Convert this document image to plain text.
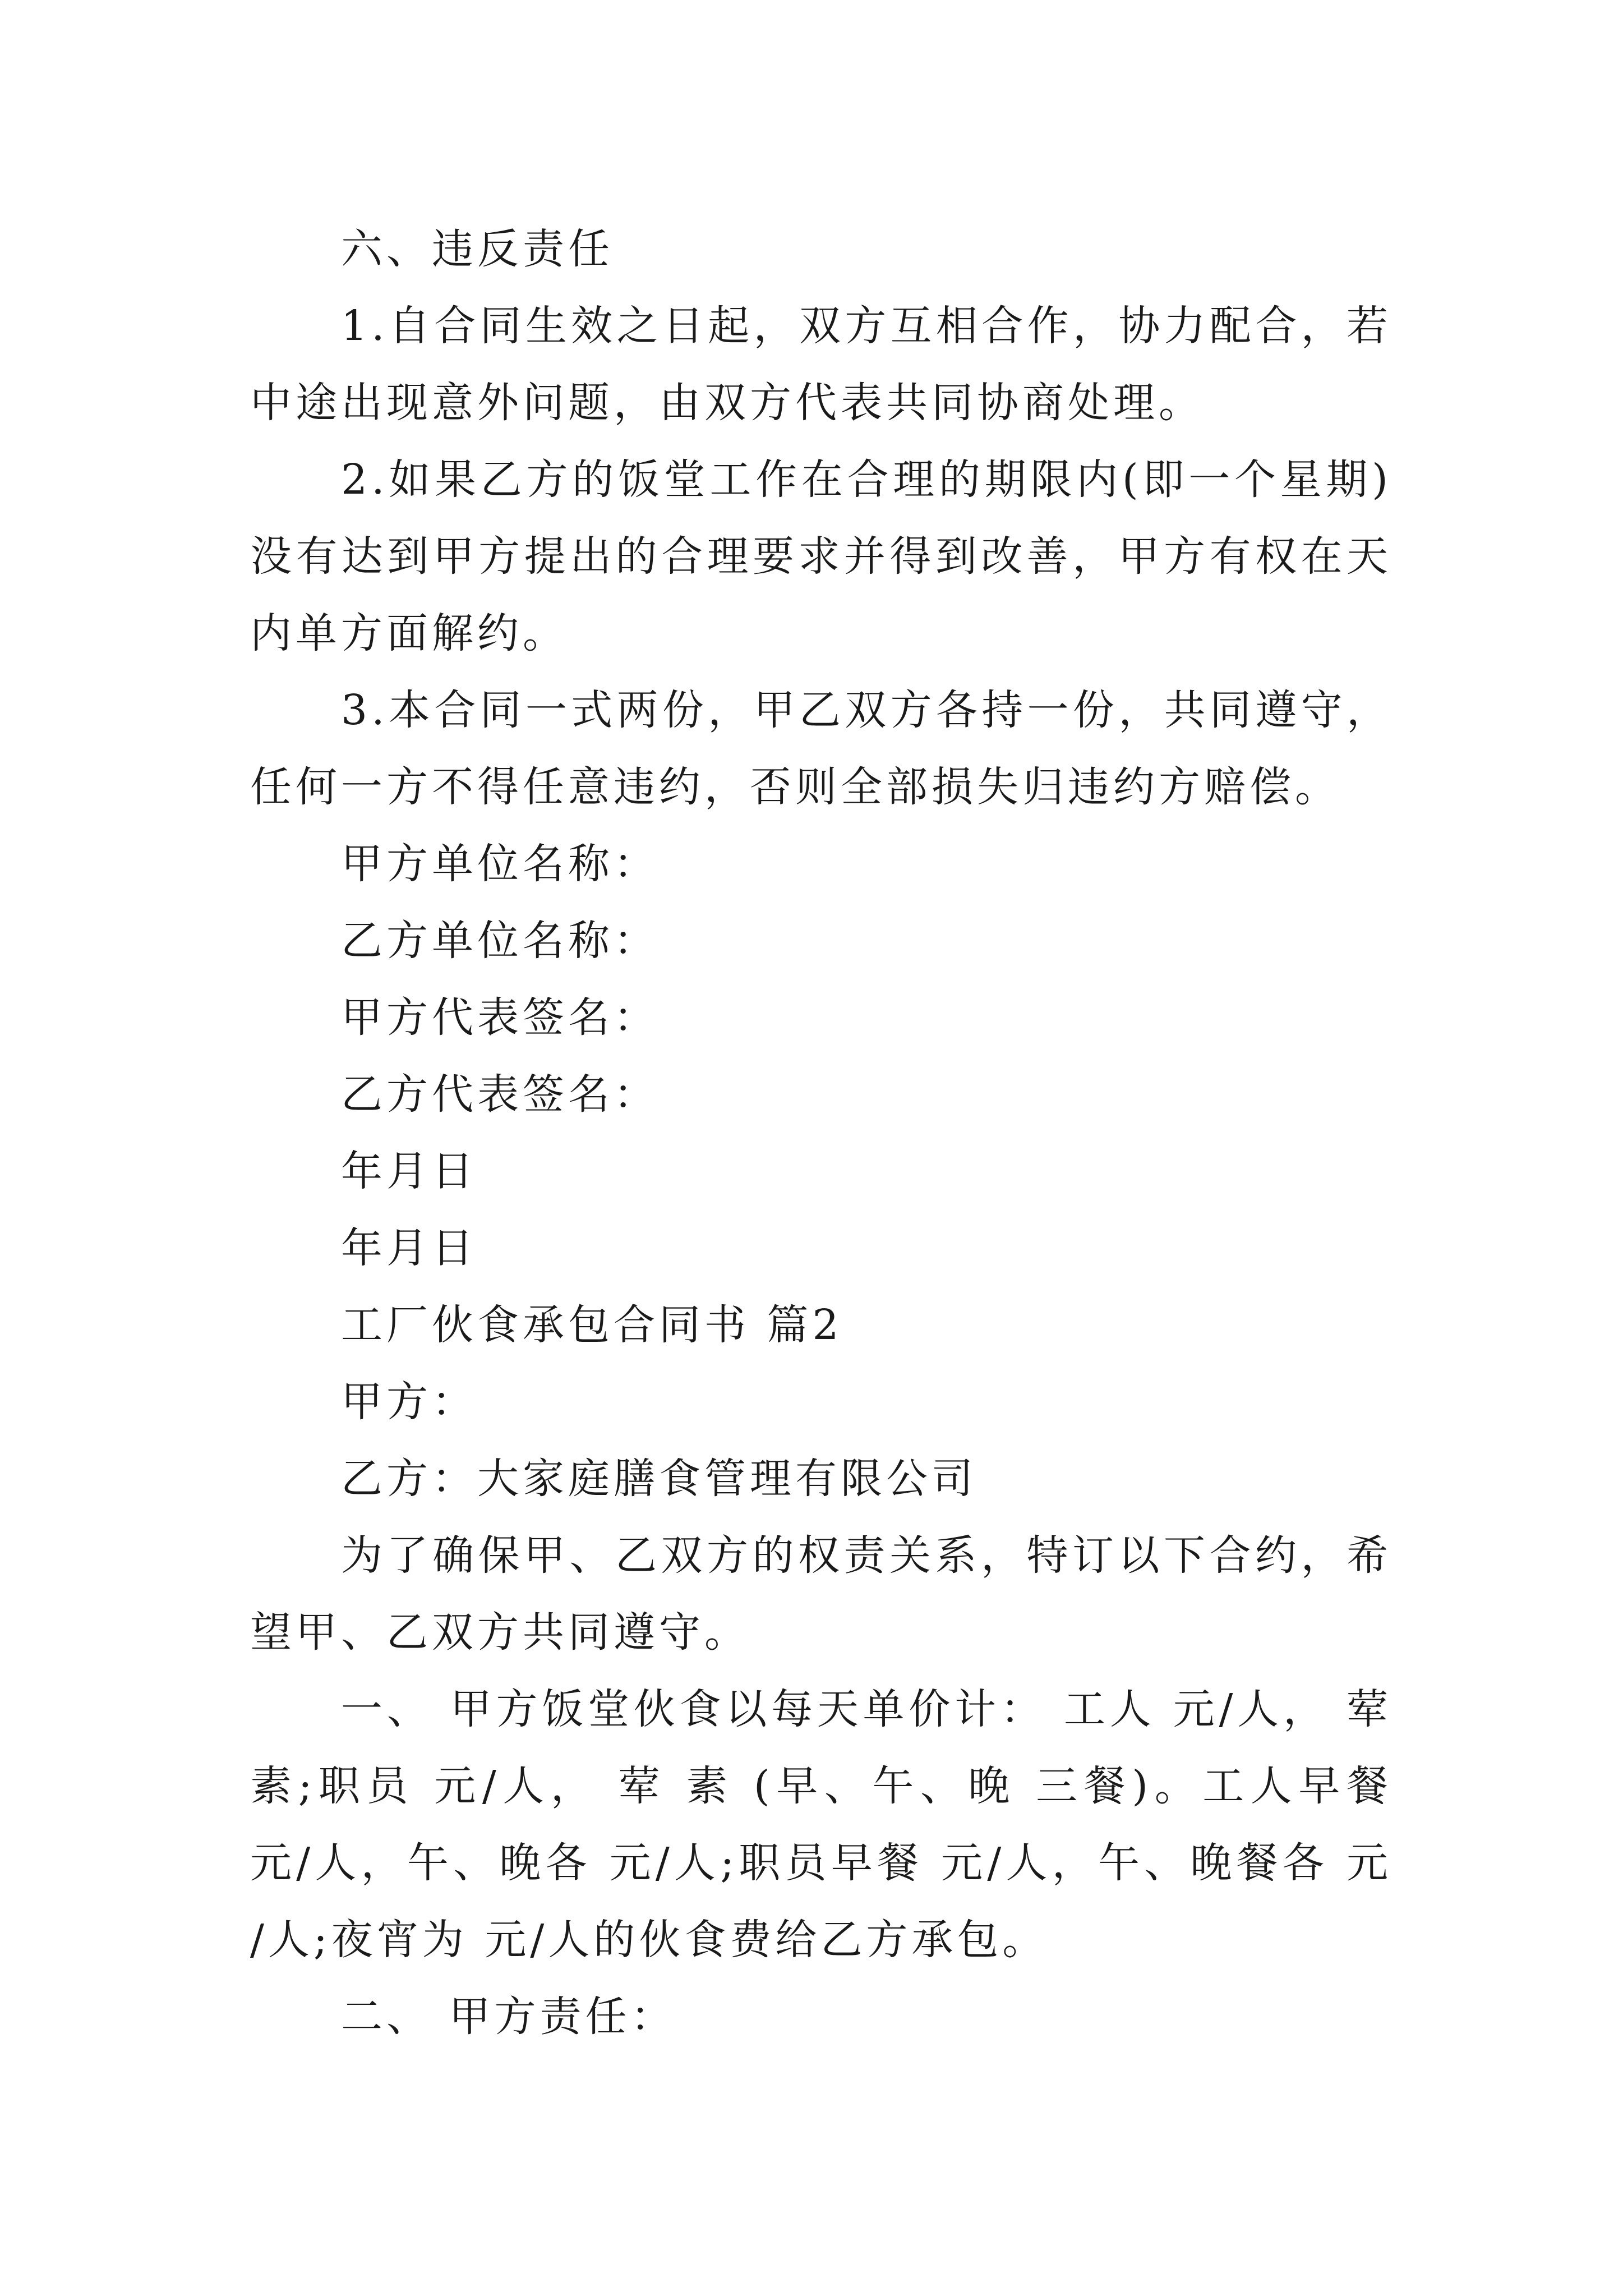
六、违反责任

1.自合同生效之日起，双方互相合作，协力配合，若中途出现意外问题，由双方代表共同协商处理。

2.如果乙方的饭堂工作在合理的期限内(即一个星期)没有达到甲方提出的合理要求并得到改善，甲方有权在天内单方面解约。

3.本合同一式两份，甲乙双方各持一份，共同遵守，任何一方不得任意违约，否则全部损失归违约方赔偿。

甲方单位名称：

乙方单位名称：

甲方代表签名：

乙方代表签名：

年月日

年月日

工厂伙食承包合同书 篇2

甲方：

乙方：大家庭膳食管理有限公司

为了确保甲、乙双方的权责关系，特订以下合约，希望甲、乙双方共同遵守。

一、 甲方饭堂伙食以每天单价计： 工人 元/人， 荤素;职员 元/人， 荤 素 (早、午、晚 三餐)。工人早餐 元/人，午、晚各 元/人;职员早餐 元/人，午、晚餐各 元 /人;夜宵为 元/人的伙食费给乙方承包。

二、 甲方责任：
